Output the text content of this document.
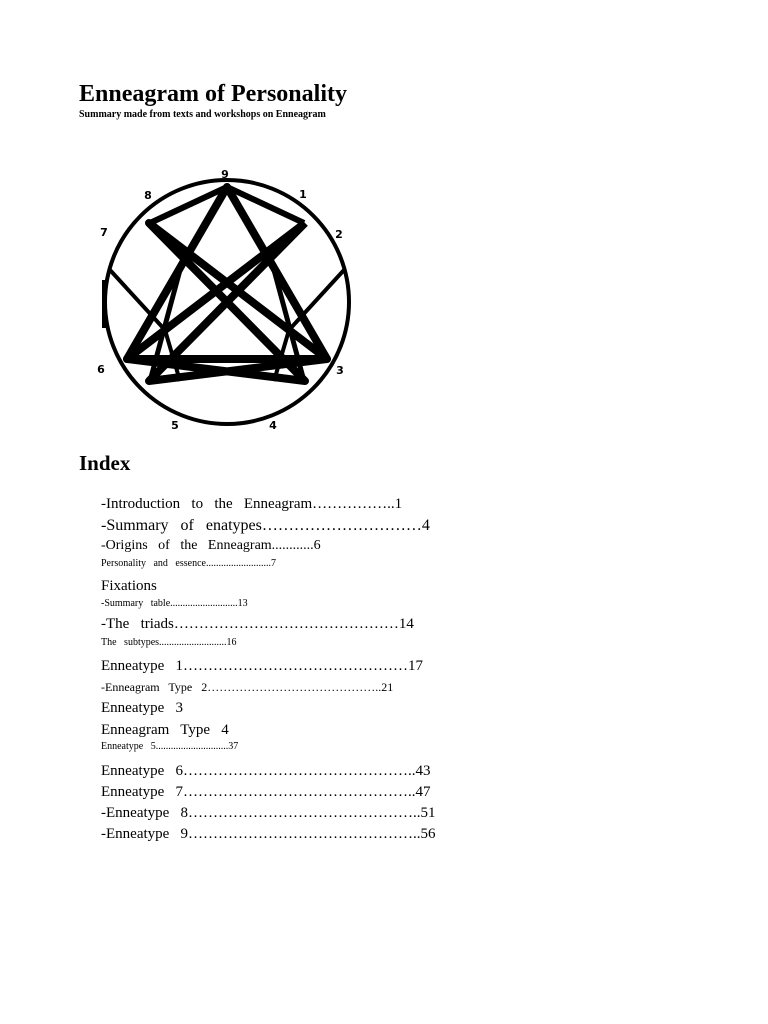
Enneagram of Personality
Summary made from texts and workshops on Enneagram
9
1
2
3
4
5
6
7
8
Index
-Introduction   to   the   Enneagram……………..1
-Summary   of   enatypes…………………………4
-Origins   of   the   Enneagram............6
Personality   and   essence..........................7
Fixations
-Summary   table...........................13
-The   triads………………………………………14
The   subtypes...........................16
Enneatype   1………………………………………17
-Enneagram   Type   2……………………………………..21
Enneatype   3
Enneagram   Type   4
Enneatype   5.............................37
Enneatype   6………………………………………..43
Enneatype   7………………………………………..47
-Enneatype   8………………………………………..51
-Enneatype   9………………………………………..56
